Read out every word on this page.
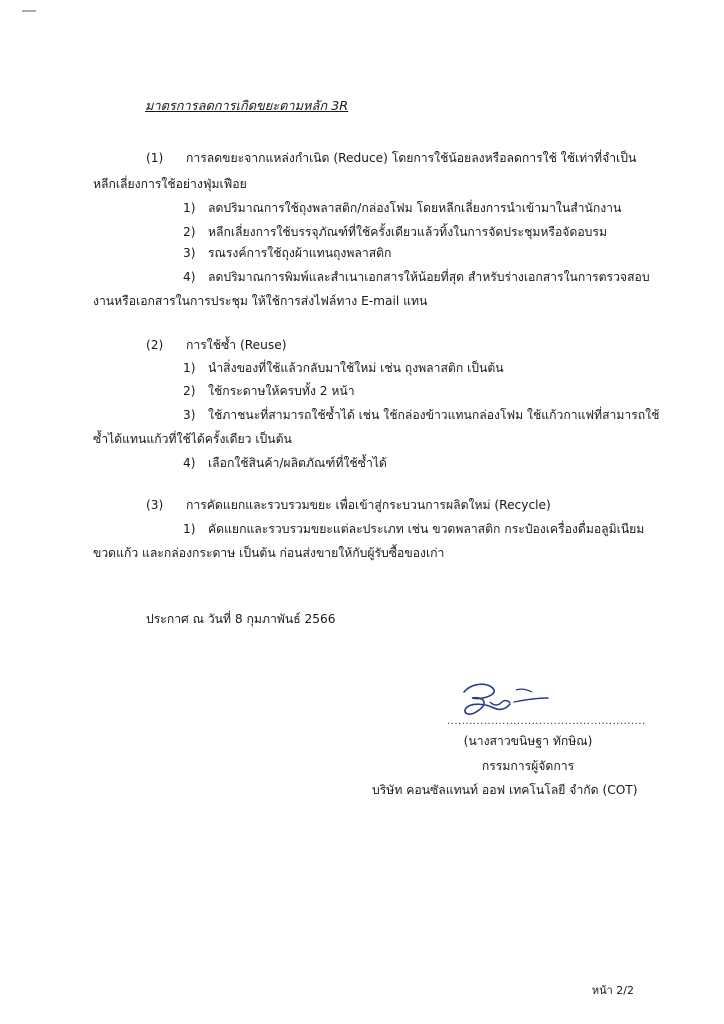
มาตรการลดการเกิดขยะตามหลัก 3R
(1) การลดขยะจากแหล่งกำเนิด (Reduce) โดยการใช้น้อยลงหรือลดการใช้ ใช้เท่าที่จำเป็น
หลีกเลี่ยงการใช้อย่างฟุ่มเฟือย
1) ลดปริมาณการใช้ถุงพลาสติก/กล่องโฟม โดยหลีกเลี่ยงการนำเข้ามาในสำนักงาน
2) หลีกเลี่ยงการใช้บรรจุภัณฑ์ที่ใช้ครั้งเดียวแล้วทิ้งในการจัดประชุมหรือจัดอบรม
3) รณรงค์การใช้ถุงผ้าแทนถุงพลาสติก
4) ลดปริมาณการพิมพ์และสำเนาเอกสารให้น้อยที่สุด สำหรับร่างเอกสารในการตรวจสอบ
งานหรือเอกสารในการประชุม ให้ใช้การส่งไฟล์ทาง E-mail แทน
(2) การใช้ซ้ำ (Reuse)
1) นำสิ่งของที่ใช้แล้วกลับมาใช้ใหม่ เช่น ถุงพลาสติก เป็นต้น
2) ใช้กระดาษให้ครบทั้ง 2 หน้า
3) ใช้ภาชนะที่สามารถใช้ซ้ำได้ เช่น ใช้กล่องข้าวแทนกล่องโฟม ใช้แก้วกาแฟที่สามารถใช้
ซ้ำได้แทนแก้วที่ใช้ได้ครั้งเดียว เป็นต้น
4) เลือกใช้สินค้า/ผลิตภัณฑ์ที่ใช้ซ้ำได้
(3) การคัดแยกและรวบรวมขยะ เพื่อเข้าสู่กระบวนการผลิตใหม่ (Recycle)
1) คัดแยกและรวบรวมขยะแต่ละประเภท เช่น ขวดพลาสติก กระป๋องเครื่องดื่มอลูมิเนียม
ขวดแก้ว และกล่องกระดาษ เป็นต้น ก่อนส่งขายให้กับผู้รับซื้อของเก่า
ประกาศ ณ วันที่ 8 กุมภาพันธ์ 2566
......................................................
(นางสาวขนิษฐา ทักษิณ)
กรรมการผู้จัดการ
บริษัท คอนซัลแทนท์ ออฟ เทคโนโลยี จำกัด (COT)
หน้า 2/2
